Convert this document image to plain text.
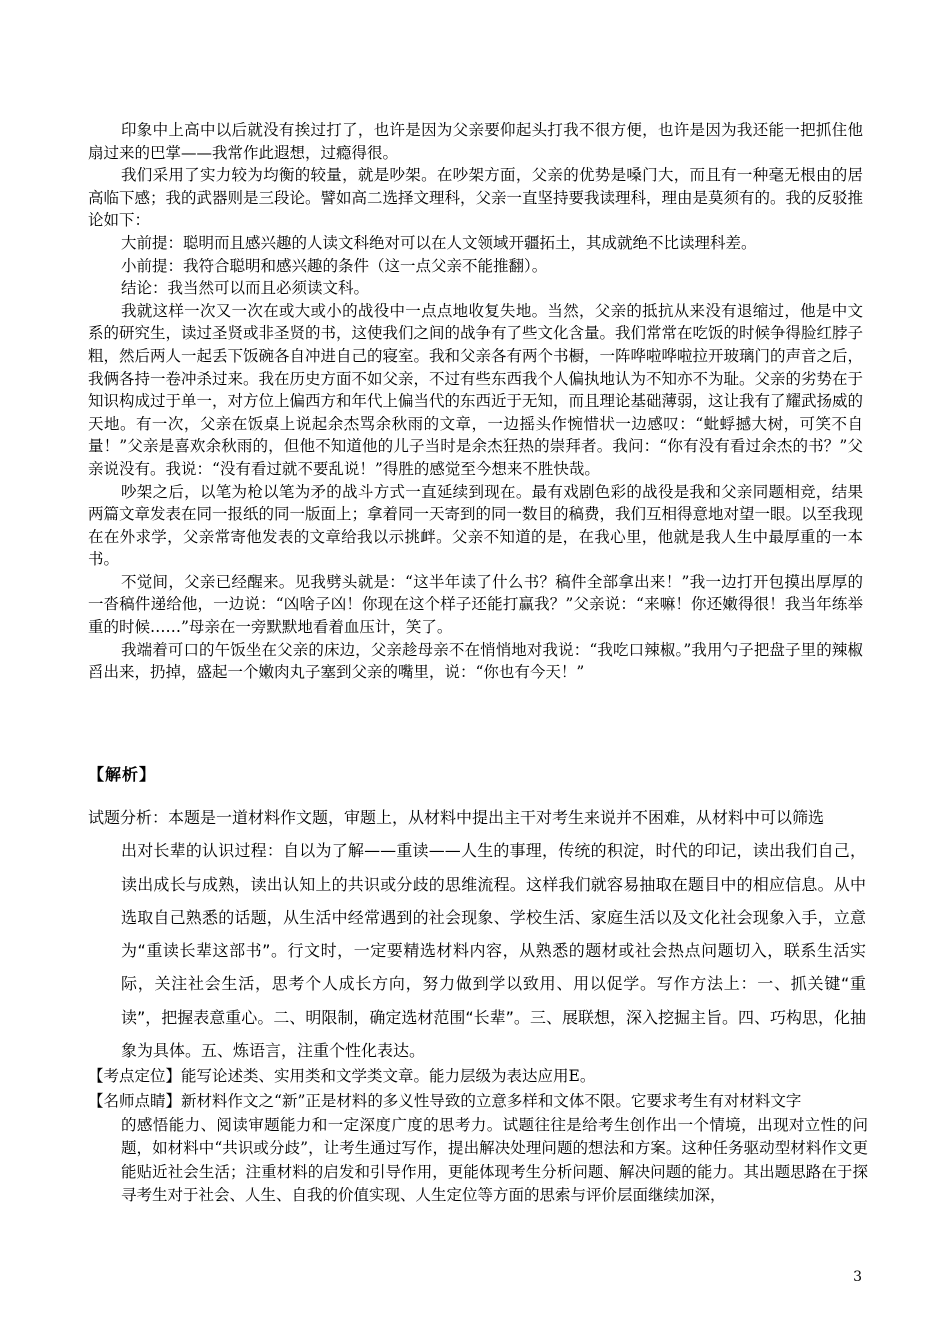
印象中上高中以后就没有挨过打了，也许是因为父亲要仰起头打我不很方便，也许是因为我还能一把抓住他扇过来的巴掌——我常作此遐想，过瘾得很。

我们采用了实力较为均衡的较量，就是吵架。在吵架方面，父亲的优势是嗓门大，而且有一种毫无根由的居高临下感；我的武器则是三段论。譬如高二选择文理科，父亲一直坚持要我读理科，理由是莫须有的。我的反驳推论如下：

大前提：聪明而且感兴趣的人读文科绝对可以在人文领域开疆拓土，其成就绝不比读理科差。

小前提：我符合聪明和感兴趣的条件（这一点父亲不能推翻）。

结论：我当然可以而且必须读文科。

我就这样一次又一次在或大或小的战役中一点点地收复失地。当然，父亲的抵抗从来没有退缩过，他是中文系的研究生，读过圣贤或非圣贤的书，这使我们之间的战争有了些文化含量。我们常常在吃饭的时候争得脸红脖子粗，然后两人一起丢下饭碗各自冲进自己的寝室。我和父亲各有两个书橱，一阵哗啦哗啦拉开玻璃门的声音之后，我俩各持一卷冲杀过来。我在历史方面不如父亲，不过有些东西我个人偏执地认为不知亦不为耻。父亲的劣势在于知识构成过于单一，对方位上偏西方和年代上偏当代的东西近于无知，而且理论基础薄弱，这让我有了耀武扬威的天地。有一次，父亲在饭桌上说起余杰骂余秋雨的文章，一边摇头作惋惜状一边感叹：“蚍蜉撼大树，可笑不自量！”父亲是喜欢余秋雨的，但他不知道他的儿子当时是余杰狂热的崇拜者。我问：“你有没有看过余杰的书？”父亲说没有。我说：“没有看过就不要乱说！”得胜的感觉至今想来不胜快哉。

吵架之后，以笔为枪以笔为矛的战斗方式一直延续到现在。最有戏剧色彩的战役是我和父亲同题相竞，结果两篇文章发表在同一报纸的同一版面上；拿着同一天寄到的同一数目的稿费，我们互相得意地对望一眼。以至我现在在外求学，父亲常寄他发表的文章给我以示挑衅。父亲不知道的是，在我心里，他就是我人生中最厚重的一本书。

不觉间，父亲已经醒来。见我劈头就是：“这半年读了什么书？稿件全部拿出来！”我一边打开包摸出厚厚的一沓稿件递给他，一边说：“凶啥子凶！你现在这个样子还能打赢我？”父亲说：“来嘛！你还嫩得很！我当年练举重的时候……”母亲在一旁默默地看着血压计，笑了。

我端着可口的午饭坐在父亲的床边，父亲趁母亲不在悄悄地对我说：“我吃口辣椒。”我用勺子把盘子里的辣椒舀出来，扔掉，盛起一个嫩肉丸子塞到父亲的嘴里，说：“你也有今天！”

【解析】
试题分析：本题是一道材料作文题，审题上，从材料中提出主干对考生来说并不困难，从材料中可以筛选
出对长辈的认识过程：自以为了解——重读——人生的事理，传统的积淀，时代的印记，读出我们自己，读出成长与成熟，读出认知上的共识或分歧的思维流程。这样我们就容易抽取在题目中的相应信息。从中选取自己熟悉的话题，从生活中经常遇到的社会现象、学校生活、家庭生活以及文化社会现象入手，立意为“重读长辈这部书”。行文时，一定要精选材料内容，从熟悉的题材或社会热点问题切入，联系生活实际，关注社会生活，思考个人成长方向，努力做到学以致用、用以促学。写作方法上：一、抓关键“重读”，把握表意重心。二、明限制，确定选材范围“长辈”。三、展联想，深入挖掘主旨。四、巧构思，化抽象为具体。五、炼语言，注重个性化表达。
【考点定位】能写论述类、实用类和文学类文章。能力层级为表达应用E。
【名师点睛】新材料作文之“新”正是材料的多义性导致的立意多样和文体不限。它要求考生有对材料文字
的感悟能力、阅读审题能力和一定深度广度的思考力。试题往往是给考生创作出一个情境，出现对立性的问题，如材料中“共识或分歧”，让考生通过写作，提出解决处理问题的想法和方案。这种任务驱动型材料作文更能贴近社会生活；注重材料的启发和引导作用，更能体现考生分析问题、解决问题的能力。其出题思路在于探寻考生对于社会、人生、自我的价值实现、人生定位等方面的思索与评价层面继续加深，
3
